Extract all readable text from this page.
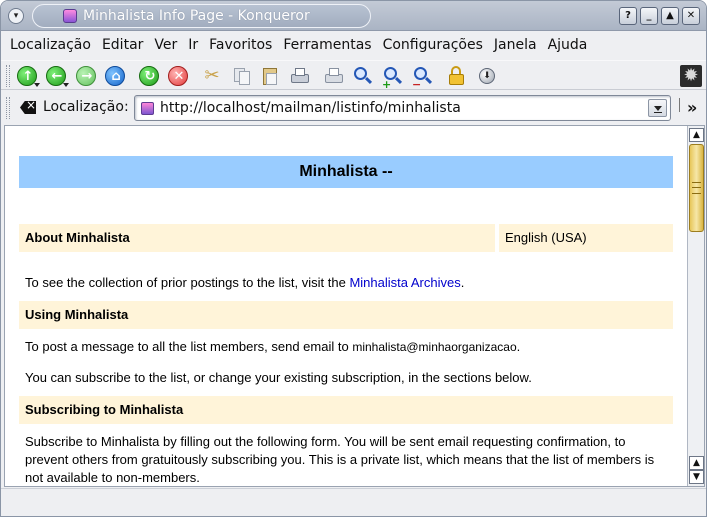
▾	Minhalista Info Page - Konqueror	?	_	▲	✕
Localização Editar Ver Ir Favoritos Ferramentas Configurações Janela Ajuda
↑	←	→	⌂	↻	✕ ✂	+ −
⬇	✹
×
Localização: http://localhost/mailman/listinfo/minhalista	»
Minhalista --
About Minhalista	English (USA)
To see the collection of prior postings to the list, visit the Minhalista Archives.
Using Minhalista
To post a message to all the list members, send email to minhalista@minhaorganizacao.
You can subscribe to the list, or change your existing subscription, in the sections below.
Subscribing to Minhalista
Subscribe to Minhalista by filling out the following form. You will be sent email requesting confirmation, to
prevent others from gratuitously subscribing you. This is a private list, which means that the list of members is
not available to non-members.
▲
▲
▼
